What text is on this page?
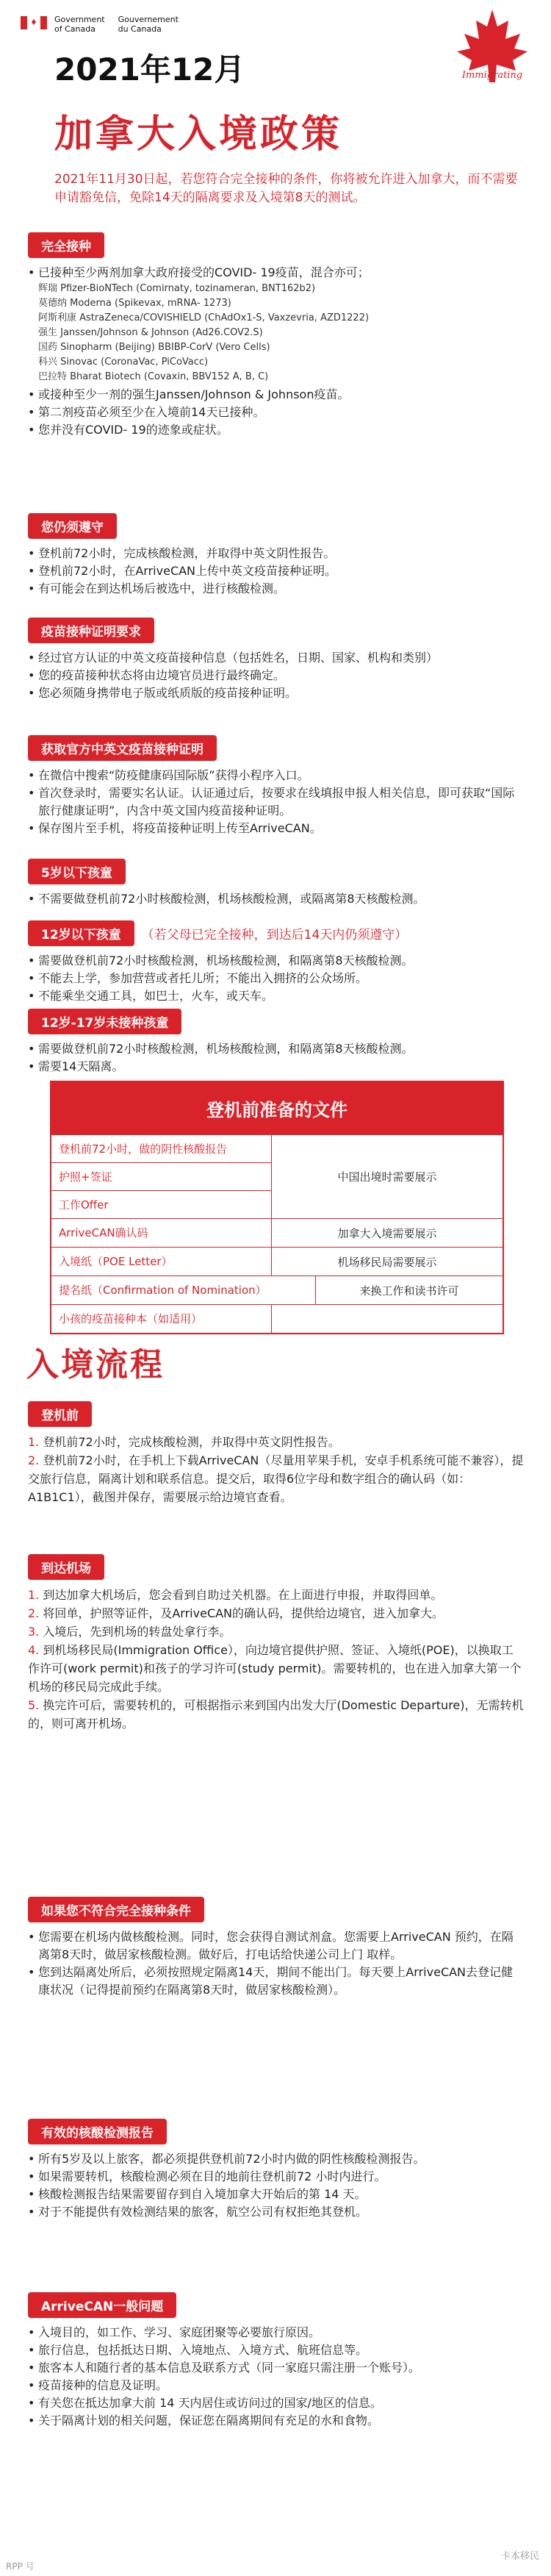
♦ Government
of Canada
Gouvernement
du Canada
Immigrating
2021年12月
加拿大入境政策
2021年11月30日起，若您符合完全接种的条件，你将被允许进入加拿大，而不需要申请豁免信，免除14天的隔离要求及入境第8天的测试。
完全接种
• 已接种至少两剂加拿大政府接受的COVID- 19疫苗，混合亦可；
辉瑞 Pfizer-BioNTech (Comirnaty, tozinameran, BNT162b2)
莫德纳 Moderna (Spikevax, mRNA- 1273)
阿斯利康 AstraZeneca/COVISHIELD (ChAdOx1-S, Vaxzevria, AZD1222)
强生 Janssen/Johnson & Johnson (Ad26.COV2.S)
国药 Sinopharm (Beijing) BBIBP-CorV (Vero Cells)
科兴 Sinovac (CoronaVac, PiCoVacc)
巴拉特 Bharat Biotech (Covaxin, BBV152 A, B, C)
• 或接种至少一剂的强生Janssen/Johnson & Johnson疫苗。
• 第二剂疫苗必须至少在入境前14天已接种。
• 您并没有COVID- 19的迹象或症状。
您仍须遵守
• 登机前72小时，完成核酸检测，并取得中英文阴性报告。
• 登机前72小时，在ArriveCAN上传中英文疫苗接种证明。
• 有可能会在到达机场后被选中，进行核酸检测。
疫苗接种证明要求
• 经过官方认证的中英文疫苗接种信息（包括姓名，日期、国家、机构和类别）
• 您的疫苗接种状态将由边境官员进行最终确定。
• 您必须随身携带电子版或纸质版的疫苗接种证明。
获取官方中英文疫苗接种证明
• 在微信中搜索“防疫健康码国际版”获得小程序入口。
• 首次登录时，需要实名认证。认证通过后，按要求在线填报申报人相关信息，即可获取“国际旅行健康证明”，内含中英文国内疫苗接种证明。
• 保存图片至手机，将疫苗接种证明上传至ArriveCAN。
5岁以下孩童
• 不需要做登机前72小时核酸检测，机场核酸检测，或隔离第8天核酸检测。
12岁以下孩童 （若父母已完全接种，到达后14天内仍须遵守）
• 需要做登机前72小时核酸检测，机场核酸检测，和隔离第8天核酸检测。
• 不能去上学，参加营营或者托儿所；不能出入拥挤的公众场所。
• 不能乘坐交通工具，如巴士，火车，或天车。
12岁-17岁未接种孩童
• 需要做登机前72小时核酸检测，机场核酸检测，和隔离第8天核酸检测。
• 需要14天隔离。
登机前准备的文件
登机前72小时，做的阴性核酸报告
护照+签证
工作Offer
中国出境时需要展示
ArriveCAN确认码	加拿大入境需要展示
入境纸（POE Letter）	机场移民局需要展示
提名纸（Confirmation of Nomination）	来换工作和读书许可
小孩的疫苗接种本（如适用）
入境流程
登机前
1. 登机前72小时，完成核酸检测，并取得中英文阴性报告。
2. 登机前72小时，在手机上下载ArriveCAN（尽量用苹果手机，安卓手机系统可能不兼容），提交旅行信息，隔离计划和联系信息。提交后，取得6位字母和数字组合的确认码（如：A1B1C1），截图并保存，需要展示给边境官查看。
到达机场
1. 到达加拿大机场后，您会看到自助过关机器。在上面进行申报，并取得回单。
2. 将回单，护照等证件，及ArriveCAN的确认码，提供给边境官，进入加拿大。
3. 入境后，先到机场的转盘处拿行李。
4. 到机场移民局(Immigration Office），向边境官提供护照、签证、入境纸(POE)，以换取工作许可(work permit)和孩子的学习许可(study permit)。需要转机的，也在进入加拿大第一个机场的移民局完成此手续。
5. 换完许可后，需要转机的，可根据指示来到国内出发大厅(Domestic Departure)，无需转机的，则可离开机场。
如果您不符合完全接种条件
• 您需要在机场内做核酸检测。同时，您会获得自测试剂盒。您需要上ArriveCAN 预约，在隔离第8天时，做居家核酸检测。做好后，打电话给快递公司上门 取样。
• 您到达隔离处所后，必须按照规定隔离14天，期间不能出门。每天要上ArriveCAN去登记健康状况（记得提前预约在隔离第8天时，做居家核酸检测）。
有效的核酸检测报告
• 所有5岁及以上旅客，都必须提供登机前72小时内做的阴性核酸检测报告。
• 如果需要转机，核酸检测必须在目的地前往登机前72 小时内进行。
• 核酸检测报告结果需要留存到自入境加拿大开始后的第 14 天。
• 对于不能提供有效检测结果的旅客，航空公司有权拒绝其登机。
ArriveCAN一般问题
• 入境目的，如工作、学习、家庭团聚等必要旅行原因。
• 旅行信息，包括抵达日期、入境地点、入境方式、航班信息等。
• 旅客本人和随行者的基本信息及联系方式（同一家庭只需注册一个账号）。
• 疫苗接种的信息及证明。
• 有关您在抵达加拿大前 14 天内居住或访问过的国家/地区的信息。
• 关于隔离计划的相关问题，保证您在隔离期间有充足的水和食物。
卡本移民
RPP 号
